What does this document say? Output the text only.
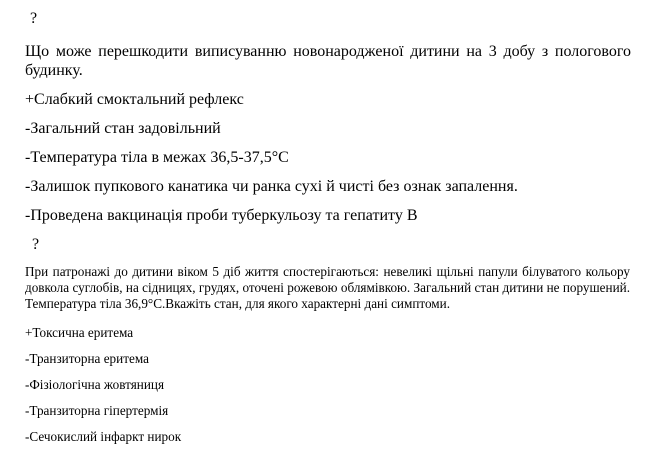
?
Що може перешкодити виписуванню новонародженої дитини на 3 добу з пологового будинку.
+Слабкий смоктальний рефлекс
-Загальний стан задовільний
-Температура тіла в межах 36,5-37,5°С
-Залишок пупкового канатика чи ранка сухі й чисті без ознак запалення.
-Проведена вакцинація проби туберкульозу та гепатиту В
?
При патронажі до дитини віком 5 діб життя спостерігаються: невеликі щільні папули білуватого кольору довкола суглобів, на сідницях, грудях, оточені рожевою облямівкою. Загальний стан дитини не порушений. Температура тіла 36,9°С.Вкажіть стан, для якого характерні дані симптоми.
+Токсична еритема
-Транзиторна еритема
-Фізіологічна жовтяниця
-Транзиторна гіпертермія
-Сечокислий інфаркт нирок
